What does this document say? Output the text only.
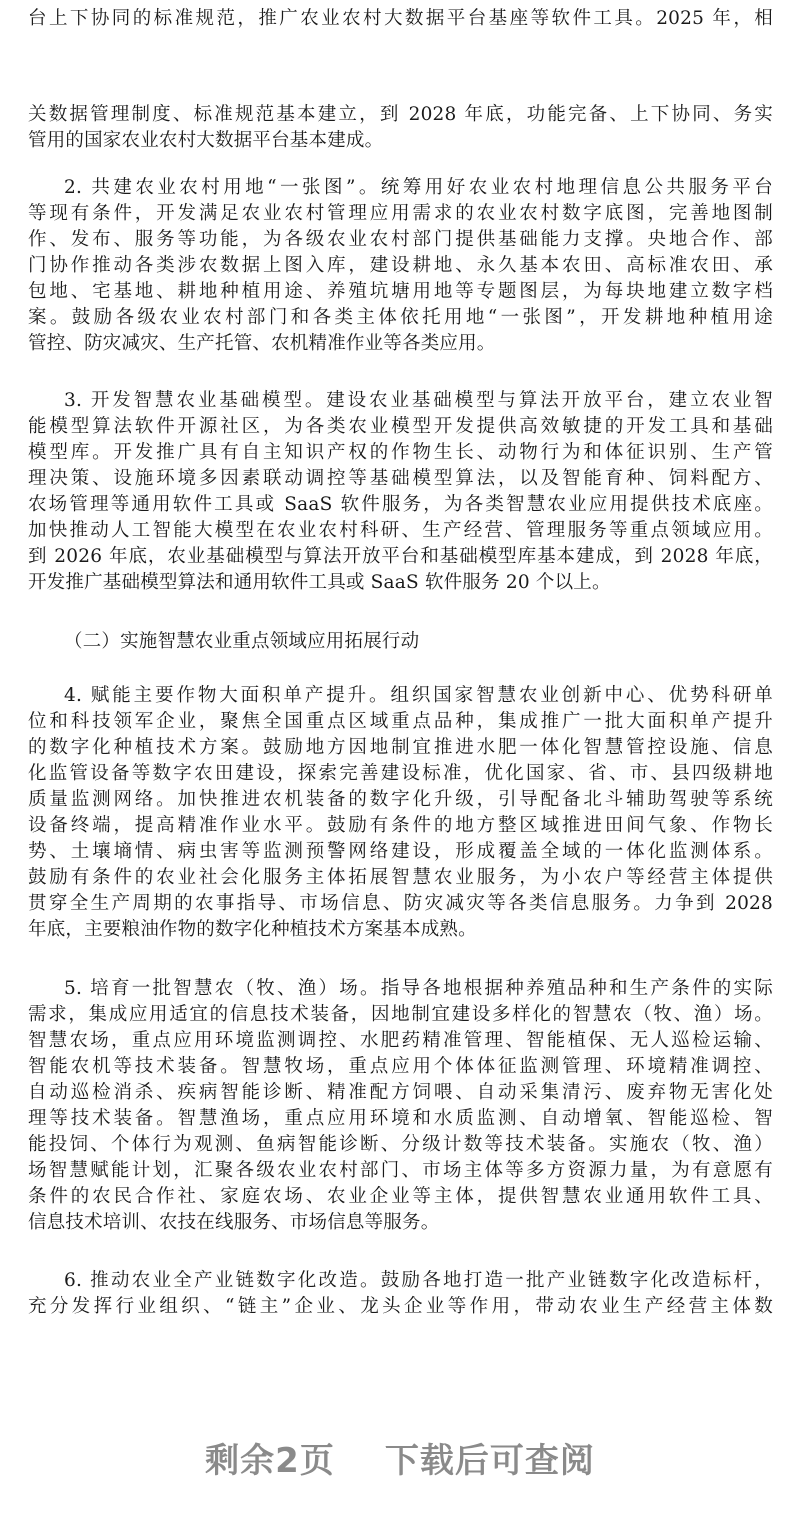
台上下协同的标准规范，推广农业农村大数据平台基座等软件工具。2025 年，相
关数据管理制度、标准规范基本建立，到 2028 年底，功能完备、上下协同、务实
管用的国家农业农村大数据平台基本建成。
2. 共建农业农村用地“一张图”。统筹用好农业农村地理信息公共服务平台
等现有条件，开发满足农业农村管理应用需求的农业农村数字底图，完善地图制
作、发布、服务等功能，为各级农业农村部门提供基础能力支撑。央地合作、部
门协作推动各类涉农数据上图入库，建设耕地、永久基本农田、高标准农田、承
包地、宅基地、耕地种植用途、养殖坑塘用地等专题图层，为每块地建立数字档
案。鼓励各级农业农村部门和各类主体依托用地“一张图”，开发耕地种植用途
管控、防灾减灾、生产托管、农机精准作业等各类应用。
3. 开发智慧农业基础模型。建设农业基础模型与算法开放平台，建立农业智
能模型算法软件开源社区，为各类农业模型开发提供高效敏捷的开发工具和基础
模型库。开发推广具有自主知识产权的作物生长、动物行为和体征识别、生产管
理决策、设施环境多因素联动调控等基础模型算法，以及智能育种、饲料配方、
农场管理等通用软件工具或 SaaS 软件服务，为各类智慧农业应用提供技术底座。
加快推动人工智能大模型在农业农村科研、生产经营、管理服务等重点领域应用。
到 2026 年底，农业基础模型与算法开放平台和基础模型库基本建成，到 2028 年底，
开发推广基础模型算法和通用软件工具或 SaaS 软件服务 20 个以上。
（二）实施智慧农业重点领域应用拓展行动
4. 赋能主要作物大面积单产提升。组织国家智慧农业创新中心、优势科研单
位和科技领军企业，聚焦全国重点区域重点品种，集成推广一批大面积单产提升
的数字化种植技术方案。鼓励地方因地制宜推进水肥一体化智慧管控设施、信息
化监管设备等数字农田建设，探索完善建设标准，优化国家、省、市、县四级耕地
质量监测网络。加快推进农机装备的数字化升级，引导配备北斗辅助驾驶等系统
设备终端，提高精准作业水平。鼓励有条件的地方整区域推进田间气象、作物长
势、土壤墒情、病虫害等监测预警网络建设，形成覆盖全域的一体化监测体系。
鼓励有条件的农业社会化服务主体拓展智慧农业服务，为小农户等经营主体提供
贯穿全生产周期的农事指导、市场信息、防灾减灾等各类信息服务。力争到 2028
年底，主要粮油作物的数字化种植技术方案基本成熟。
5. 培育一批智慧农（牧、渔）场。指导各地根据种养殖品种和生产条件的实际
需求，集成应用适宜的信息技术装备，因地制宜建设多样化的智慧农（牧、渔）场。
智慧农场，重点应用环境监测调控、水肥药精准管理、智能植保、无人巡检运输、
智能农机等技术装备。智慧牧场，重点应用个体体征监测管理、环境精准调控、
自动巡检消杀、疾病智能诊断、精准配方饲喂、自动采集清污、废弃物无害化处
理等技术装备。智慧渔场，重点应用环境和水质监测、自动增氧、智能巡检、智
能投饲、个体行为观测、鱼病智能诊断、分级计数等技术装备。实施农（牧、渔）
场智慧赋能计划，汇聚各级农业农村部门、市场主体等多方资源力量，为有意愿有
条件的农民合作社、家庭农场、农业企业等主体，提供智慧农业通用软件工具、
信息技术培训、农技在线服务、市场信息等服务。
6. 推动农业全产业链数字化改造。鼓励各地打造一批产业链数字化改造标杆，
充分发挥行业组织、“链主”企业、龙头企业等作用，带动农业生产经营主体数
剩余2页 下载后可查阅
